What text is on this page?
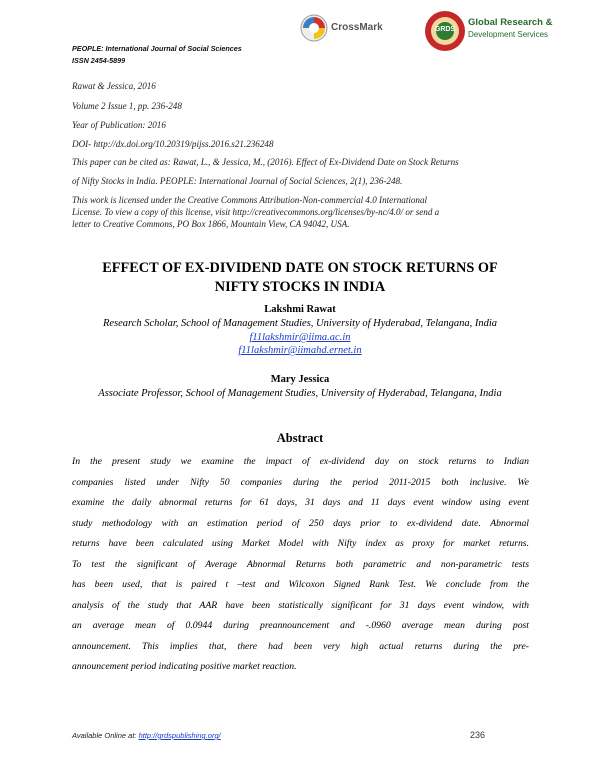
PEOPLE: International Journal of Social Sciences
ISSN 2454-5899
CrossMark	GRDS
Global Research &
Development Services
Rawat & Jessica, 2016
Volume 2 Issue 1, pp. 236-248
Year of Publication: 2016
DOI- http://dx.doi.org/10.20319/pijss.2016.s21.236248
This paper can be cited as: Rawat, L., & Jessica, M., (2016). Effect of Ex-Dividend Date on Stock Returns
of Nifty Stocks in India. PEOPLE: International Journal of Social Sciences, 2(1), 236-248.
This work is licensed under the Creative Commons Attribution-Non-commercial 4.0 International
License. To view a copy of this license, visit http://creativecommons.org/licenses/by-nc/4.0/ or send a
letter to Creative Commons, PO Box 1866, Mountain View, CA 94042, USA.
EFFECT OF EX-DIVIDEND DATE ON STOCK RETURNS OF
NIFTY STOCKS IN INDIA
Lakshmi Rawat
Research Scholar, School of Management Studies, University of Hyderabad, Telangana, India
f11lakshmir@iima.ac.in
f11lakshmir@iimahd.ernet.in
Mary Jessica
Associate Professor, School of Management Studies, University of Hyderabad, Telangana, India
Abstract
In the present study we examine the impact of ex-dividend day on stock returns to Indian
companies listed under Nifty 50 companies during the period 2011-2015 both inclusive. We
examine the daily abnormal returns for 61 days, 31 days and 11 days event window using event
study methodology with an estimation period of 250 days prior to ex-dividend date. Abnormal
returns have been calculated using Market Model with Nifty index as proxy for market returns.
To test the significant of Average Abnormal Returns both parametric and non-parametric tests
has been used, that is paired t –test and Wilcoxon Signed Rank Test. We conclude from the
analysis of the study that AAR have been statistically significant for 31 days event window, with
an average mean of 0.0944 during preannouncement and -.0960 average mean during post
announcement. This implies that, there had been very high actual returns during the pre-
announcement period indicating positive market reaction.
Available Online at: http://grdspublishing.org/	236
